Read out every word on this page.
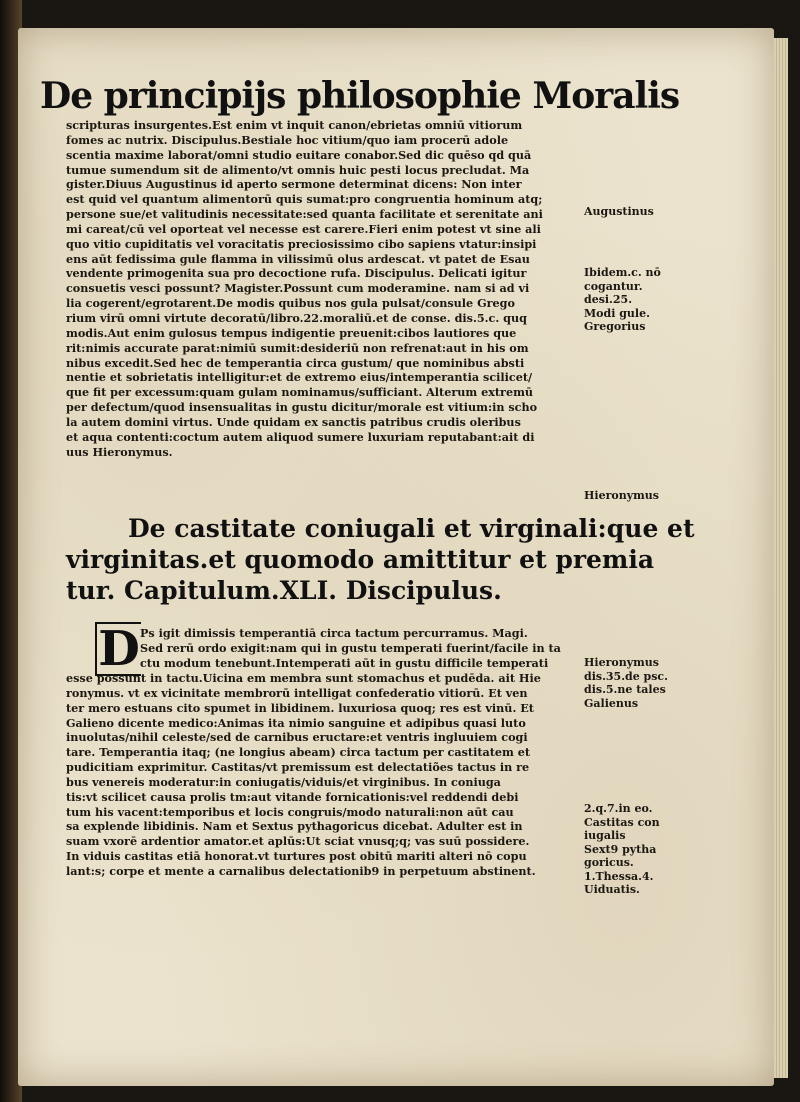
De principijs philosophie Moralis
scripturas insurgentes.Est enim vt inquit canon/ebrietas omniū vitiorum
fomes ac nutrix. Discipulus.Bestiale hoc vitium/quo iam procerū adole
scentia maxime laborat/omni studio euitare conabor.Sed dic quēso qd quā
tumue sumendum sit de alimento/vt omnis huic pesti locus precludat. Ma
gister.Diuus Augustinus id aperto sermone determinat dicens: Non inter
est quid vel quantum alimentorū quis sumat:pro congruentia hominum atq;
persone sue/et valitudinis necessitate:sed quanta facilitate et serenitate ani
mi careat/cū vel oporteat vel necesse est carere.Fieri enim potest vt sine ali
quo vitio cupiditatis vel voracitatis preciosissimo cibo sapiens vtatur:insipi
ens aūt fedissima gule flamma in vilissimū olus ardescat. vt patet de Esau
vendente primogenita sua pro decoctione rufa. Discipulus. Delicati igitur
consuetis vesci possunt? Magister.Possunt cum moderamine. nam si ad vi
lia cogerent/egrotarent.De modis quibus nos gula pulsat/consule Grego
rium virū omni virtute decoratū/libro.22.moraliū.et de conse. dis.5.c. quq
modis.Aut enim gulosus tempus indigentie preuenit:cibos lautiores que
rit:nimis accurate parat:nimiū sumit:desideriū non refrenat:aut in his om
nibus excedit.Sed hec de temperantia circa gustum/ que nominibus absti
nentie et sobrietatis intelligitur:et de extremo eius/intemperantia scilicet/
que fit per excessum:quam gulam nominamus/sufficiant. Alterum extremū
per defectum/quod insensualitas in gustu dicitur/morale est vitium:in scho
la autem domini virtus. Unde quidam ex sanctis patribus crudis oleribus
et aqua contenti:coctum autem aliquod sumere luxuriam reputabant:ait di
uus Hieronymus.
De castitate coniugali et virginali:que et
virginitas.et quomodo amittitur et premia
tur. Capitulum.XLI. Discipulus.
D Ps igit dimissis temperantiā circa tactum percurramus. Magi.
Sed rerū ordo exigit:nam qui in gustu temperati fuerint/facile in ta
ctu modum tenebunt.Intemperati aūt in gustu difficile temperati
esse possunt in tactu.Uicina em membra sunt stomachus et pudēda. ait Hie
ronymus. vt ex vicinitate membrorū intelligat confederatio vitiorū. Et ven
ter mero estuans cito spumet in libidinem. luxuriosa quoq; res est vinū. Et
Galieno dicente medico:Animas ita nimio sanguine et adipibus quasi luto
inuolutas/nihil celeste/sed de carnibus eructare:et ventris ingluuiem cogi
tare. Temperantia itaq; (ne longius abeam) circa tactum per castitatem et
pudicitiam exprimitur. Castitas/vt premissum est delectatiões tactus in re
bus venereis moderatur:in coniugatis/viduis/et virginibus. In coniuga
tis:vt scilicet causa prolis tm:aut vitande fornicationis:vel reddendi debi
tum his vacent:temporibus et locis congruis/modo naturali:non aūt cau
sa explende libidinis. Nam et Sextus pythagoricus dicebat. Adulter est in
suam vxorē ardentior amator.et aplūs:Ut sciat vnusq;q; vas suū possidere.
In viduis castitas etiā honorat.vt turtures post obitū mariti alteri nō copu
lant:s; corpe et mente a carnalibus delectationib9 in perpetuum abstinent.
Augustinus
Ibidem.c. nō
cogantur.
desi.25.
Modi gule.
Gregorius
Hieronymus
Hieronymus
dis.35.de psc.
dis.5.ne tales
Galienus
2.q.7.in eo.
Castitas con
iugalis
Sext9 pytha
goricus.
1.Thessa.4.
Uiduatis.
